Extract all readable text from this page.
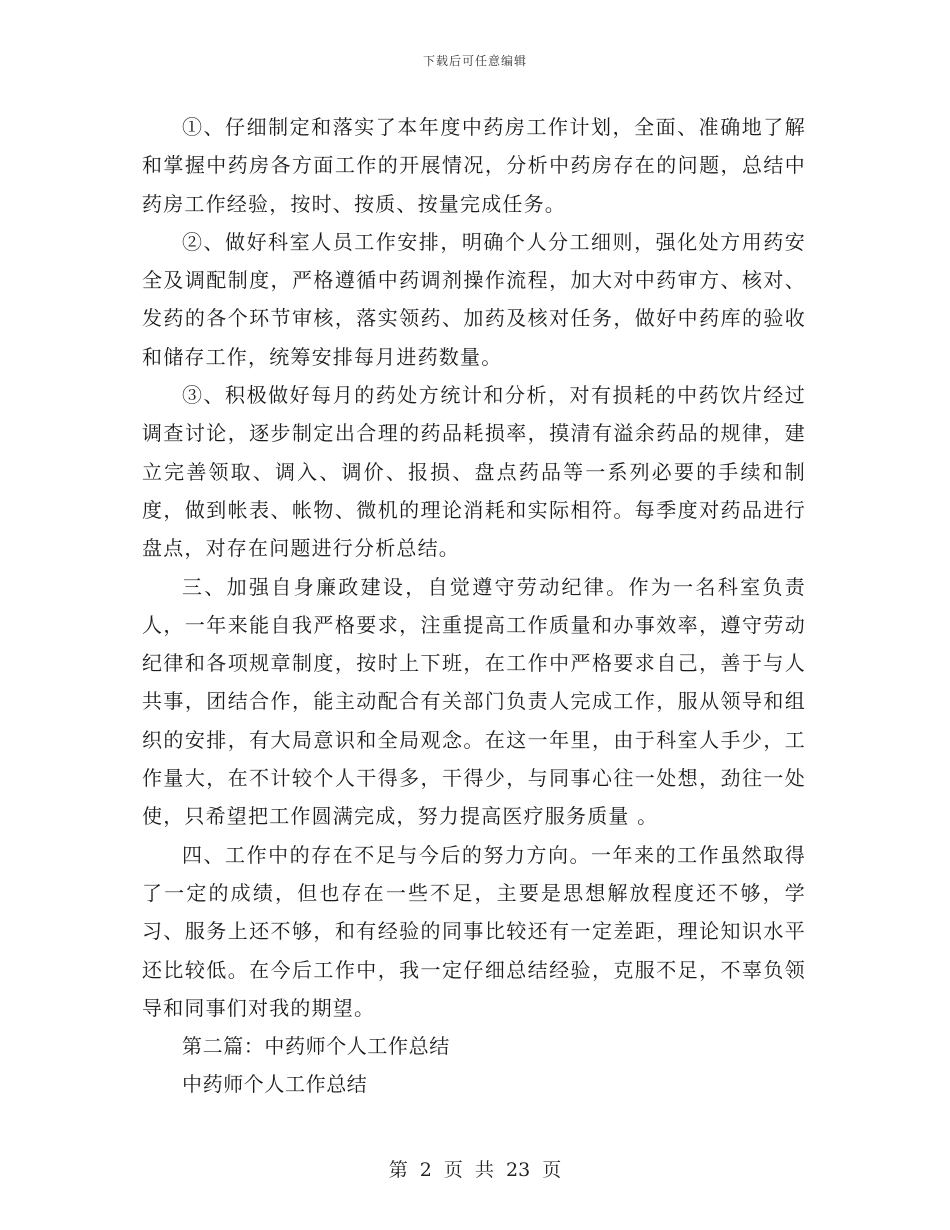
下载后可任意编辑

①、仔细制定和落实了本年度中药房工作计划，全面、准确地了解和掌握中药房各方面工作的开展情况，分析中药房存在的问题，总结中药房工作经验，按时、按质、按量完成任务。

②、做好科室人员工作安排，明确个人分工细则，强化处方用药安全及调配制度，严格遵循中药调剂操作流程，加大对中药审方、核对、发药的各个环节审核，落实领药、加药及核对任务，做好中药库的验收和储存工作，统筹安排每月进药数量。

③、积极做好每月的药处方统计和分析，对有损耗的中药饮片经过调查讨论，逐步制定出合理的药品耗损率，摸清有溢余药品的规律，建立完善领取、调入、调价、报损、盘点药品等一系列必要的手续和制度，做到帐表、帐物、微机的理论消耗和实际相符。每季度对药品进行盘点，对存在问题进行分析总结。

三、加强自身廉政建设，自觉遵守劳动纪律。作为一名科室负责人，一年来能自我严格要求，注重提高工作质量和办事效率，遵守劳动纪律和各项规章制度，按时上下班，在工作中严格要求自己，善于与人共事，团结合作，能主动配合有关部门负责人完成工作，服从领导和组织的安排，有大局意识和全局观念。在这一年里，由于科室人手少，工作量大，在不计较个人干得多，干得少，与同事心往一处想，劲往一处使，只希望把工作圆满完成，努力提高医疗服务质量 。

四、工作中的存在不足与今后的努力方向。一年来的工作虽然取得了一定的成绩，但也存在一些不足，主要是思想解放程度还不够，学习、服务上还不够，和有经验的同事比较还有一定差距，理论知识水平还比较低。在今后工作中，我一定仔细总结经验，克服不足，不辜负领导和同事们对我的期望。

第二篇：中药师个人工作总结

中药师个人工作总结

第 2 页 共 23 页
